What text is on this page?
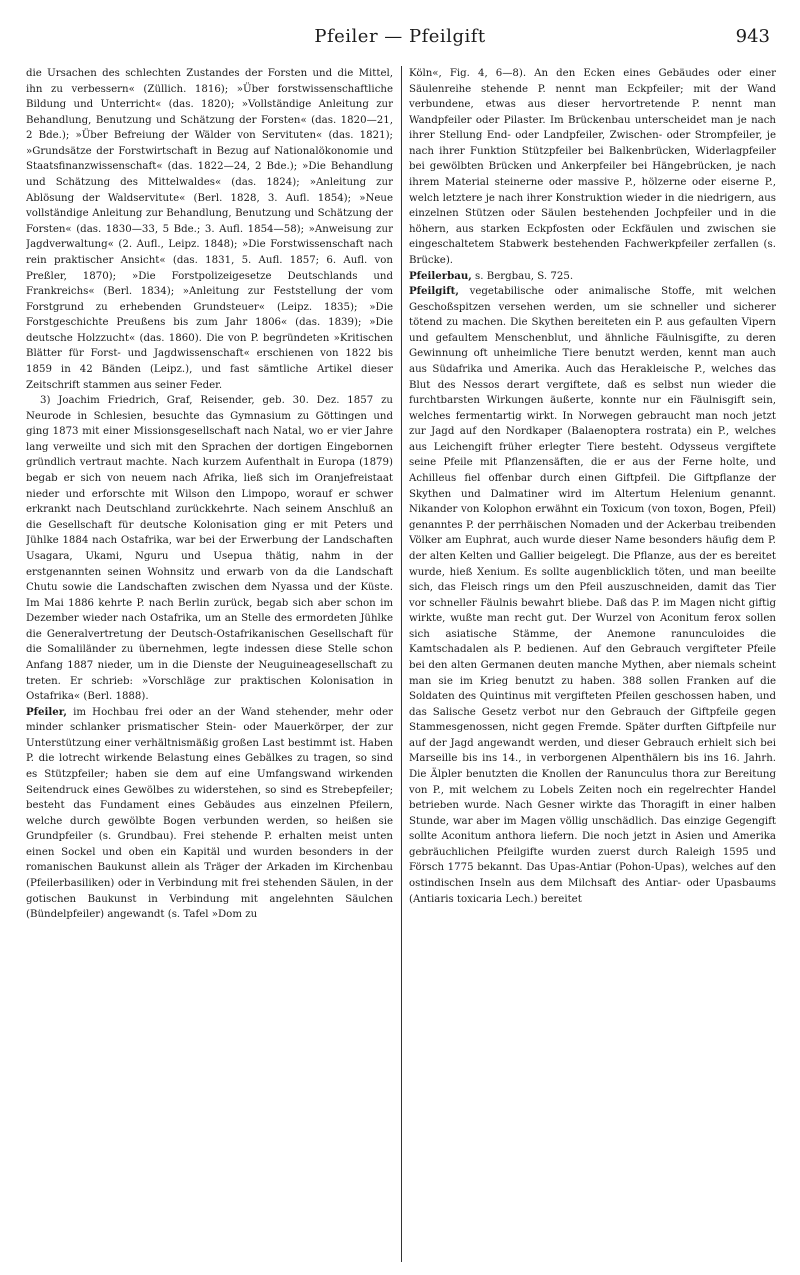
Pfeiler — Pfeilgift	943

die Ursachen des schlechten Zustandes der Forsten und die Mittel, ihn zu verbessern« (Züllich. 1816); »Über forstwissenschaftliche Bildung und Unterricht« (das. 1820); »Vollständige Anleitung zur Behandlung, Benutzung und Schätzung der Forsten« (das. 1820—21, 2 Bde.); »Über Befreiung der Wälder von Servituten« (das. 1821); »Grundsätze der Forstwirtschaft in Bezug auf Nationalökonomie und Staatsfinanzwissenschaft« (das. 1822—24, 2 Bde.); »Die Behandlung und Schätzung des Mittelwaldes« (das. 1824); »Anleitung zur Ablösung der Waldservitute« (Berl. 1828, 3. Aufl. 1854); »Neue vollständige Anleitung zur Behandlung, Benutzung und Schätzung der Forsten« (das. 1830—33, 5 Bde.; 3. Aufl. 1854—58); »Anweisung zur Jagdverwaltung« (2. Aufl., Leipz. 1848); »Die Forstwissenschaft nach rein praktischer Ansicht« (das. 1831, 5. Aufl. 1857; 6. Aufl. von Preßler, 1870); »Die Forstpolizeigesetze Deutschlands und Frankreichs« (Berl. 1834); »Anleitung zur Feststellung der vom Forstgrund zu erhebenden Grundsteuer« (Leipz. 1835); »Die Forstgeschichte Preußens bis zum Jahr 1806« (das. 1839); »Die deutsche Holzzucht« (das. 1860). Die von P. begründeten »Kritischen Blätter für Forst- und Jagdwissenschaft« erschienen von 1822 bis 1859 in 42 Bänden (Leipz.), und fast sämtliche Artikel dieser Zeitschrift stammen aus seiner Feder.

3) Joachim Friedrich, Graf, Reisender, geb. 30. Dez. 1857 zu Neurode in Schlesien, besuchte das Gymnasium zu Göttingen und ging 1873 mit einer Missionsgesellschaft nach Natal, wo er vier Jahre lang verweilte und sich mit den Sprachen der dortigen Eingebornen gründlich vertraut machte. Nach kurzem Aufenthalt in Europa (1879) begab er sich von neuem nach Afrika, ließ sich im Oranjefreistaat nieder und erforschte mit Wilson den Limpopo, worauf er schwer erkrankt nach Deutschland zurückkehrte. Nach seinem Anschluß an die Gesellschaft für deutsche Kolonisation ging er mit Peters und Jühlke 1884 nach Ostafrika, war bei der Erwerbung der Landschaften Usagara, Ukami, Nguru und Usepua thätig, nahm in der erstgenannten seinen Wohnsitz und erwarb von da die Landschaft Chutu sowie die Landschaften zwischen dem Nyassa und der Küste. Im Mai 1886 kehrte P. nach Berlin zurück, begab sich aber schon im Dezember wieder nach Ostafrika, um an Stelle des ermordeten Jühlke die Generalvertretung der Deutsch-Ostafrikanischen Gesellschaft für die Somaliländer zu übernehmen, legte indessen diese Stelle schon Anfang 1887 nieder, um in die Dienste der Neuguineagesellschaft zu treten. Er schrieb: »Vorschläge zur praktischen Kolonisation in Ostafrika« (Berl. 1888).

Pfeiler, im Hochbau frei oder an der Wand stehender, mehr oder minder schlanker prismatischer Stein- oder Mauerkörper, der zur Unterstützung einer verhältnismäßig großen Last bestimmt ist. Haben P. die lotrecht wirkende Belastung eines Gebälkes zu tragen, so sind es Stützpfeiler; haben sie dem auf eine Umfangswand wirkenden Seitendruck eines Gewölbes zu widerstehen, so sind es Strebepfeiler; besteht das Fundament eines Gebäudes aus einzelnen Pfeilern, welche durch gewölbte Bogen verbunden werden, so heißen sie Grundpfeiler (s. Grundbau). Frei stehende P. erhalten meist unten einen Sockel und oben ein Kapitäl und wurden besonders in der romanischen Baukunst allein als Träger der Arkaden im Kirchenbau (Pfeilerbasiliken) oder in Verbindung mit frei stehenden Säulen, in der gotischen Baukunst in Verbindung mit angelehnten Säulchen (Bündelpfeiler) angewandt (s. Tafel »Dom zu

Köln«, Fig. 4, 6—8). An den Ecken eines Gebäudes oder einer Säulenreihe stehende P. nennt man Eckpfeiler; mit der Wand verbundene, etwas aus dieser hervortretende P. nennt man Wandpfeiler oder Pilaster. Im Brückenbau unterscheidet man je nach ihrer Stellung End- oder Landpfeiler, Zwischen- oder Strompfeiler, je nach ihrer Funktion Stützpfeiler bei Balkenbrücken, Widerlagpfeiler bei gewölbten Brücken und Ankerpfeiler bei Hängebrücken, je nach ihrem Material steinerne oder massive P., hölzerne oder eiserne P., welch letztere je nach ihrer Konstruktion wieder in die niedrigern, aus einzelnen Stützen oder Säulen bestehenden Jochpfeiler und in die höhern, aus starken Eckpfosten oder Eckfäulen und zwischen sie eingeschaltetem Stabwerk bestehenden Fachwerkpfeiler zerfallen (s. Brücke).

Pfeilerbau, s. Bergbau, S. 725.

Pfeilgift, vegetabilische oder animalische Stoffe, mit welchen Geschoßspitzen versehen werden, um sie schneller und sicherer tötend zu machen. Die Skythen bereiteten ein P. aus gefaulten Vipern und gefaultem Menschenblut, und ähnliche Fäulnisgifte, zu deren Gewinnung oft unheimliche Tiere benutzt werden, kennt man auch aus Südafrika und Amerika. Auch das Herakleische P., welches das Blut des Nessos derart vergiftete, daß es selbst nun wieder die furchtbarsten Wirkungen äußerte, konnte nur ein Fäulnisgift sein, welches fermentartig wirkt. In Norwegen gebraucht man noch jetzt zur Jagd auf den Nordkaper (Balaenoptera rostrata) ein P., welches aus Leichengift früher erlegter Tiere besteht. Odysseus vergiftete seine Pfeile mit Pflanzensäften, die er aus der Ferne holte, und Achilleus fiel offenbar durch einen Giftpfeil. Die Giftpflanze der Skythen und Dalmatiner wird im Altertum Helenium genannt. Nikander von Kolophon erwähnt ein Toxicum (von toxon, Bogen, Pfeil) genanntes P. der perrhäischen Nomaden und der Ackerbau treibenden Völker am Euphrat, auch wurde dieser Name besonders häufig dem P. der alten Kelten und Gallier beigelegt. Die Pflanze, aus der es bereitet wurde, hieß Xenium. Es sollte augenblicklich töten, und man beeilte sich, das Fleisch rings um den Pfeil auszuschneiden, damit das Tier vor schneller Fäulnis bewahrt bliebe. Daß das P. im Magen nicht giftig wirkte, wußte man recht gut. Der Wurzel von Aconitum ferox sollen sich asiatische Stämme, der Anemone ranunculoides die Kamtschadalen als P. bedienen. Auf den Gebrauch vergifteter Pfeile bei den alten Germanen deuten manche Mythen, aber niemals scheint man sie im Krieg benutzt zu haben. 388 sollen Franken auf die Soldaten des Quintinus mit vergifteten Pfeilen geschossen haben, und das Salische Gesetz verbot nur den Gebrauch der Giftpfeile gegen Stammesgenossen, nicht gegen Fremde. Später durften Giftpfeile nur auf der Jagd angewandt werden, und dieser Gebrauch erhielt sich bei Marseille bis ins 14., in verborgenen Alpenthälern bis ins 16. Jahrh. Die Älpler benutzten die Knollen der Ranunculus thora zur Bereitung von P., mit welchem zu Lobels Zeiten noch ein regelrechter Handel betrieben wurde. Nach Gesner wirkte das Thoragift in einer halben Stunde, war aber im Magen völlig unschädlich. Das einzige Gegengift sollte Aconitum anthora liefern. Die noch jetzt in Asien und Amerika gebräuchlichen Pfeilgifte wurden zuerst durch Raleigh 1595 und Försch 1775 bekannt. Das Upas-Antiar (Pohon-Upas), welches auf den ostindischen Inseln aus dem Milchsaft des Antiar- oder Upasbaums (Antiaris toxicaria Lech.) bereitet
